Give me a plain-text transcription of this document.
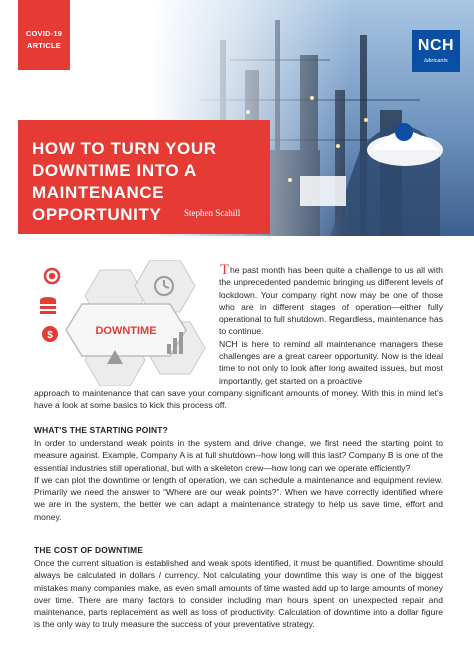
COVID-19
ARTICLE	NCH
lubricants
HOW TO TURN YOUR DOWNTIME INTO A MAINTENANCE OPPORTUNITY	Stephen Scahill
DOWNTIME
$
T he past month has been quite a challenge to us all with the unprecedented pandemic bringing us different levels of lockdown. Your company right now may be one of those who are in different stages of operation—either fully operational to full shutdown. Regardless, maintenance has to continue.

NCH is here to remind all maintenance managers these challenges are a great career opportunity. Now is the ideal time to not only to look after long awaited issues, but most importantly, get started on a proactive

approach to maintenance that can save your company significant amounts of money. With this in mind let's have a look at some basics to kick this process off.

WHAT'S THE STARTING POINT?

In order to understand weak points in the system and drive change, we first need the starting point to measure against. Example, Company A is at full shutdown--how long will this last? Company B is one of the essential industries still operational, but with a skeleton crew—how long can we operate efficiently?

If we can plot the downtime or length of operation, we can schedule a maintenance and equipment review. Primarily we need the answer to “Where are our weak points?”. When we have correctly identified where we are in the system, the better we can adapt a maintenance strategy to help us save time, effort and money.

THE COST OF DOWNTIME

Once the current situation is established and weak spots identified, it must be quantified. Downtime should always be calculated in dollars / currency. Not calculating your downtime this way is one of the biggest mistakes many companies make, as even small amounts of time wasted add up to large amounts of money over time. There are many factors to consider including man hours spent on unexpected repair and maintenance, parts replacement as well as loss of productivity. Calculation of downtime into a dollar figure is the only way to truly measure the success of your preventative strategy.
